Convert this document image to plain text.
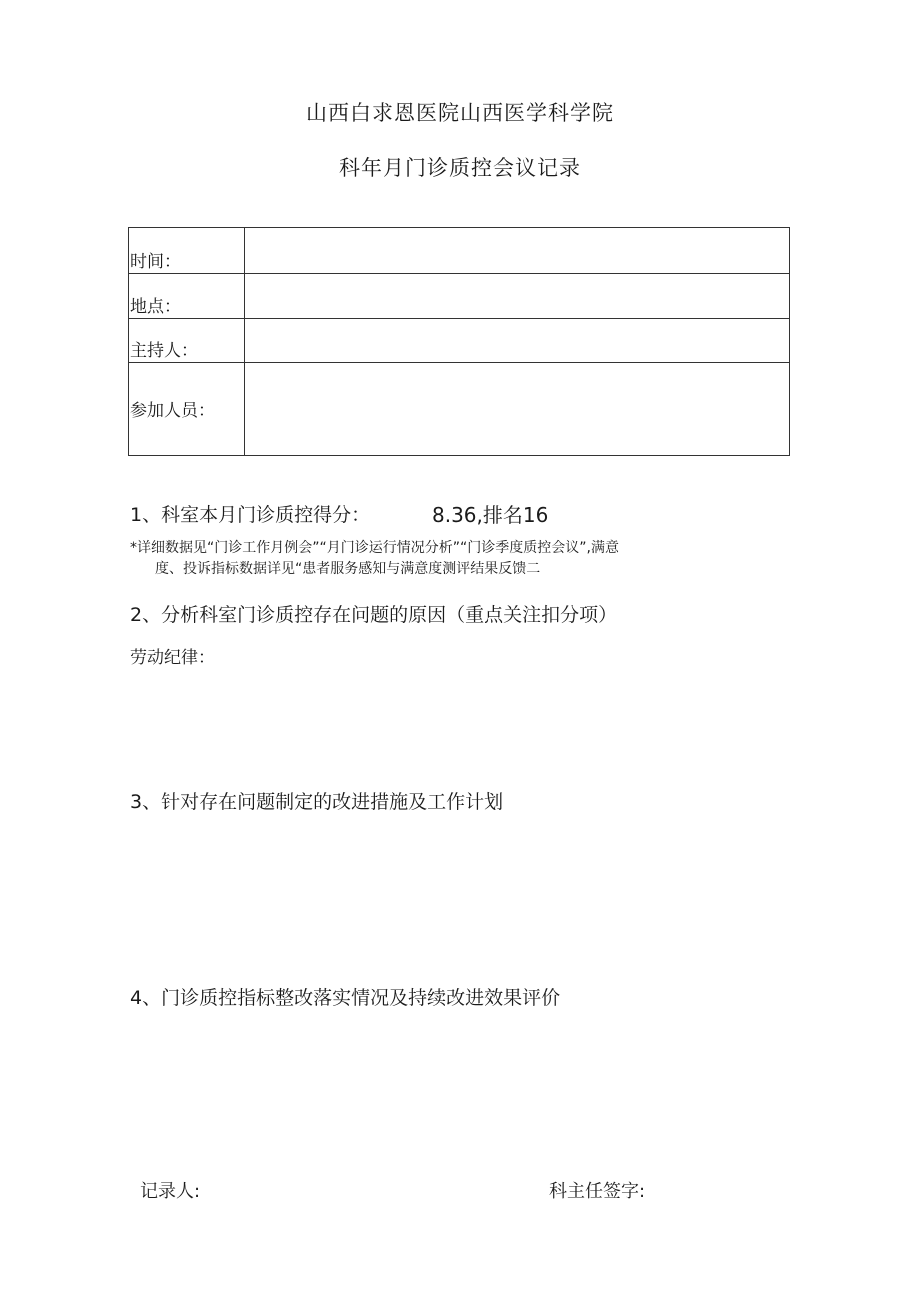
山西白求恩医院山西医学科学院
科年月门诊质控会议记录
时间：	
地点：	
主持人：	
参加人员：	
1、科室本月门诊质控得分：	8.36,排名16
*详细数据见“门诊工作月例会”“月门诊运行情况分析”“门诊季度质控会议”,满意
度、投诉指标数据详见“患者服务感知与满意度测评结果反馈二
2、分析科室门诊质控存在问题的原因（重点关注扣分项）
劳动纪律：
3、针对存在问题制定的改进措施及工作计划
4、门诊质控指标整改落实情况及持续改进效果评价
记录人:	科主任签字:
